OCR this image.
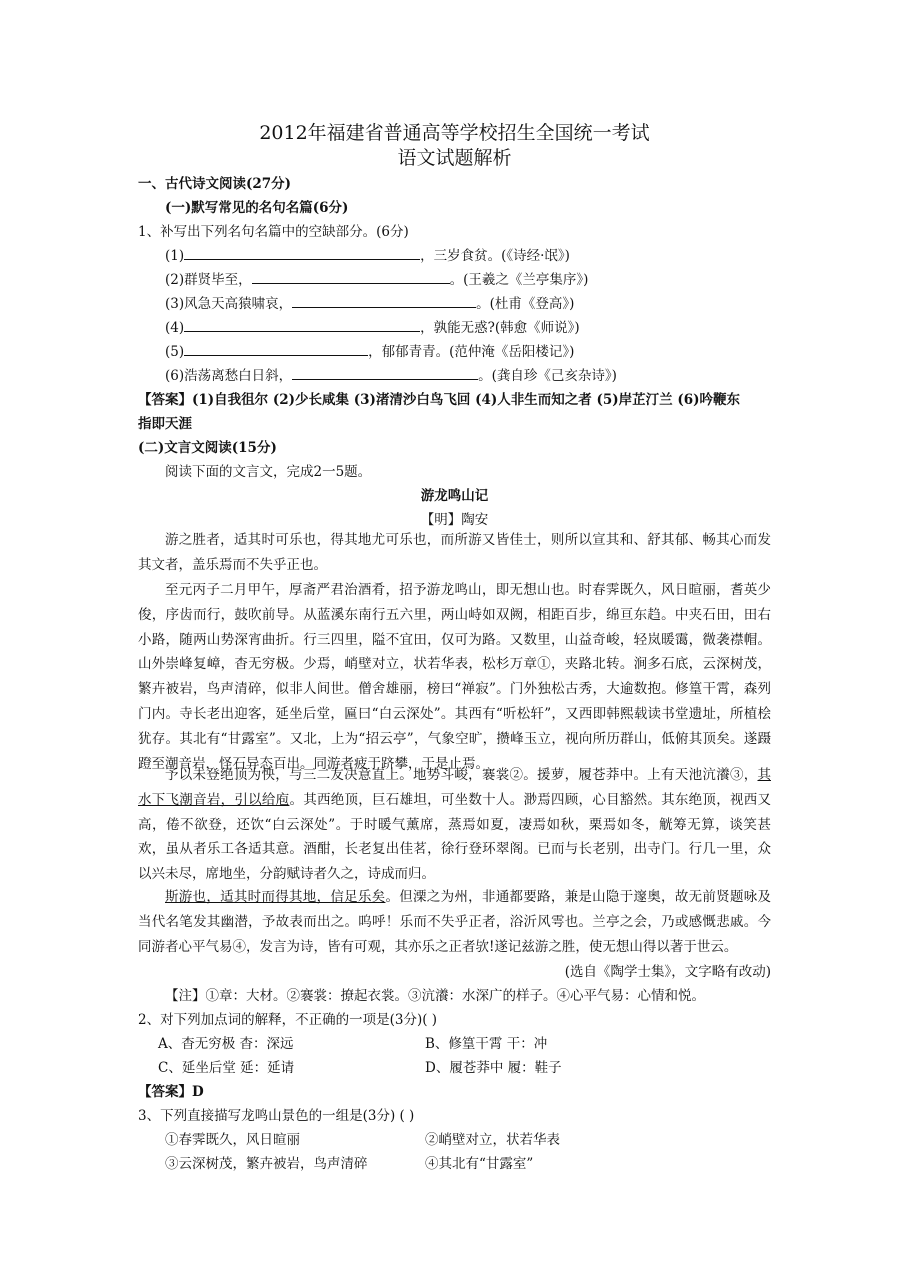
2012年福建省普通高等学校招生全国统一考试
语文试题解析
一、古代诗文阅读(27分)
(一)默写常见的名句名篇(6分)
1、补写出下列名句名篇中的空缺部分。(6分)
(1)	，三岁食贫。(《诗经·氓》)
(2)群贤毕至，	。(王羲之《兰亭集序》)
(3)风急天高猿啸哀，	。(杜甫《登高》)
(4)	，孰能无惑?(韩愈《师说》)
(5)	，郁郁青青。(范仲淹《岳阳楼记》)
(6)浩荡离愁白日斜，	。(龚自珍《己亥杂诗》)
【答案】(1)自我徂尔 (2)少长咸集 (3)渚清沙白鸟飞回 (4)人非生而知之者 (5)岸芷汀兰 (6)吟鞭东
指即天涯
(二)文言文阅读(15分)
阅读下面的文言文，完成2一5题。
游龙鸣山记
【明】陶安
游之胜者，适其时可乐也，得其地尤可乐也，而所游又皆佳士，则所以宣其和、舒其郁、畅其心而发其文者，盖乐焉而不失乎正也。
至元丙子二月甲午，厚斋严君治酒肴，招予游龙鸣山，即无想山也。时春霁既久，风日暄丽，耆英少俊，序齿而行，鼓吹前导。从蓝溪东南行五六里，两山峙如双阙，相距百步，绵亘东趋。中夹石田，田右小路，随两山势深宵曲折。行三四里，隘不宜田，仅可为路。又数里，山益奇峻，轻岚暖霭，微袭襟帽。山外崇峰复嶂，杳无穷极。少焉，峭壁对立，状若华表，松杉万章①，夹路北转。涧多石底，云深树茂，繁卉被岩，鸟声清碎，似非人间世。僧舍雄丽，榜曰“禅寂”。门外独松古秀，大逾数抱。修篁干霄，森列门内。寺长老出迎客，延坐后堂，匾曰“白云深处”。其西有“听松轩”，又西即韩熙载读书堂遗址，所植桧犹存。其北有“甘露室”。又北，上为“招云亭”，气象空旷，攒峰玉立，视向所历群山，低俯其顶矣。遂蹑蹬至潮音岩，怪石异态百出。同游者疲于跻攀，于是止焉。
予以未登绝顶为怏，与三二友决意直上。地势斗峻，褰裳②。援萝，履苍莽中。上有天池沆瀁③，其水下飞潮音岩，引以给庖。其西绝顶，巨石雄坦，可坐数十人。渺焉四顾，心目豁然。其东绝顶，视西又高，倦不欲登，还饮“白云深处”。于时暖气薰席，蒸焉如夏，凄焉如秋，栗焉如冬，觥筹无算，谈笑甚欢，虽从者乐工各适其意。酒酣，长老复出佳茗，徐行登环翠阁。已而与长老别，出寺门。行几一里，众以兴未尽，席地坐，分韵赋诗者久之，诗成而归。
斯游也，适其时而得其地，信足乐矣。但溧之为州，非通都要路，兼是山隐于邃奥，故无前贤题咏及当代名笔发其幽潜，予故表而出之。呜呼！乐而不失乎正者，浴沂风雩也。兰亭之会，乃或感慨悲戚。今同游者心平气易④，发言为诗，皆有可观，其亦乐之正者欤!遂记兹游之胜，使无想山得以著于世云。
(选自《陶学士集》，文字略有改动)
【注】①章：大材。②褰裳：撩起衣裳。③沆瀁：水深广的样子。④心平气易：心情和悦。
2、对下列加点词的解释，不正确的一项是(3分)( )
A、杳无穷极 杳：深远	B、修篁干霄 干：冲
C、延坐后堂 延：延请	D、履苍莽中 履：鞋子
【答案】D
3、下列直接描写龙鸣山景色的一组是(3分) ( )
①春霁既久，风日暄丽	②峭壁对立，状若华表
③云深树茂，繁卉被岩，鸟声清碎	④其北有“甘露室”
